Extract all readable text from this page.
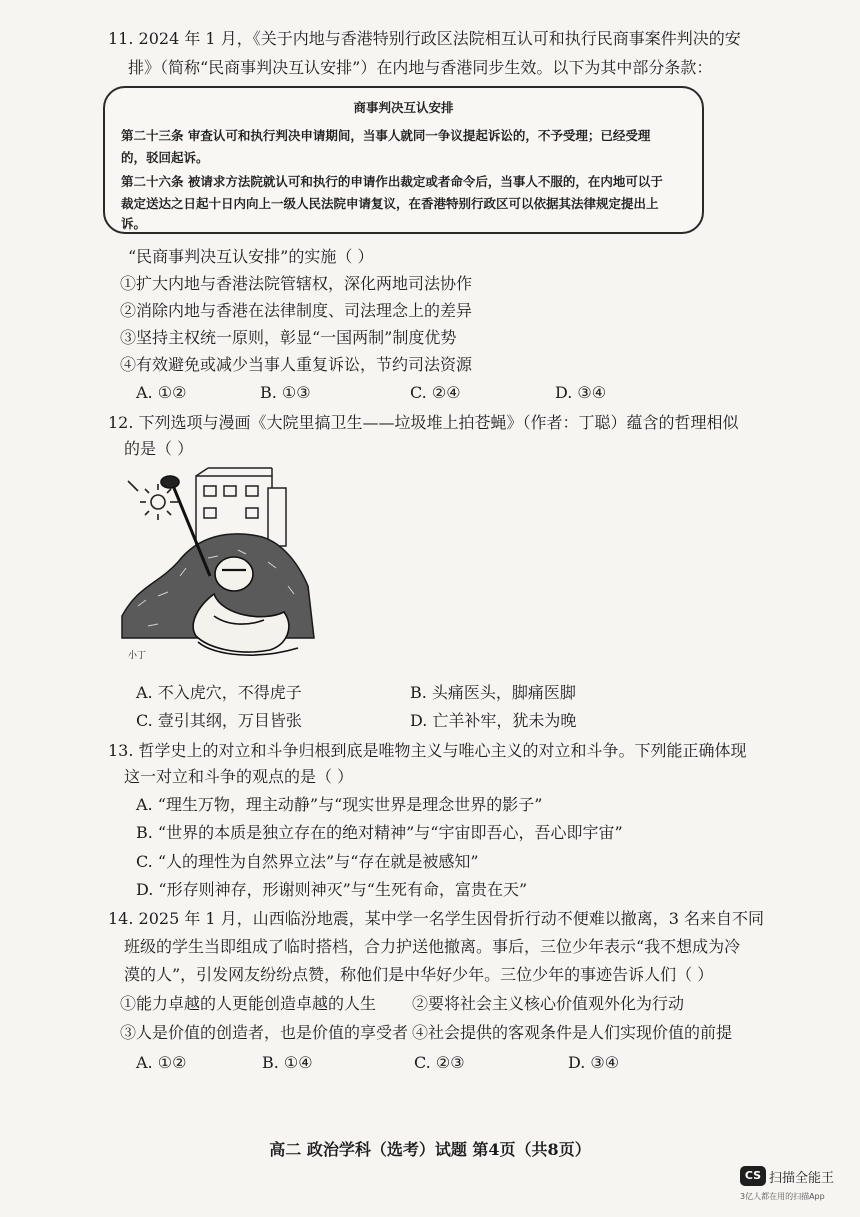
11. 2024 年 1 月，《关于内地与香港特别行政区法院相互认可和执行民商事案件判决的安
排》（简称“民商事判决互认安排”）在内地与香港同步生效。以下为其中部分条款：
商事判决互认安排
第二十三条 审查认可和执行判决申请期间，当事人就同一争议提起诉讼的，不予受理；已经受理
的，驳回起诉。
第二十六条 被请求方法院就认可和执行的申请作出裁定或者命令后，当事人不服的，在内地可以于
裁定送达之日起十日内向上一级人民法院申请复议，在香港特别行政区可以依据其法律规定提出上
诉。
“民商事判决互认安排”的实施（ ）
①扩大内地与香港法院管辖权，深化两地司法协作
②消除内地与香港在法律制度、司法理念上的差异
③坚持主权统一原则，彰显“一国两制”制度优势
④有效避免或减少当事人重复诉讼，节约司法资源
A. ①②	B. ①③	C. ②④	D. ③④
12. 下列选项与漫画《大院里搞卫生——垃圾堆上拍苍蝇》（作者：丁聪）蕴含的哲理相似
的是（ ）
小丁
A. 不入虎穴，不得虎子	B. 头痛医头，脚痛医脚
C. 壹引其纲，万目皆张	D. 亡羊补牢，犹未为晚
13. 哲学史上的对立和斗争归根到底是唯物主义与唯心主义的对立和斗争。下列能正确体现
这一对立和斗争的观点的是（ ）
A. “理生万物，理主动静”与“现实世界是理念世界的影子”
B. “世界的本质是独立存在的绝对精神”与“宇宙即吾心，吾心即宇宙”
C. “人的理性为自然界立法”与“存在就是被感知”
D. “形存则神存，形谢则神灭”与“生死有命，富贵在天”
14. 2025 年 1 月，山西临汾地震，某中学一名学生因骨折行动不便难以撤离，3 名来自不同
班级的学生当即组成了临时搭档，合力护送他撤离。事后，三位少年表示“我不想成为冷
漠的人”，引发网友纷纷点赞，称他们是中华好少年。三位少年的事迹告诉人们（ ）
①能力卓越的人更能创造卓越的人生 ②要将社会主义核心价值观外化为行动
③人是价值的创造者，也是价值的享受者 ④社会提供的客观条件是人们实现价值的前提
A. ①②	B. ①④	C. ②③	D. ③④
高二 政治学科（选考）试题 第4页（共8页）
CS 扫描全能王
3亿人都在用的扫描App
